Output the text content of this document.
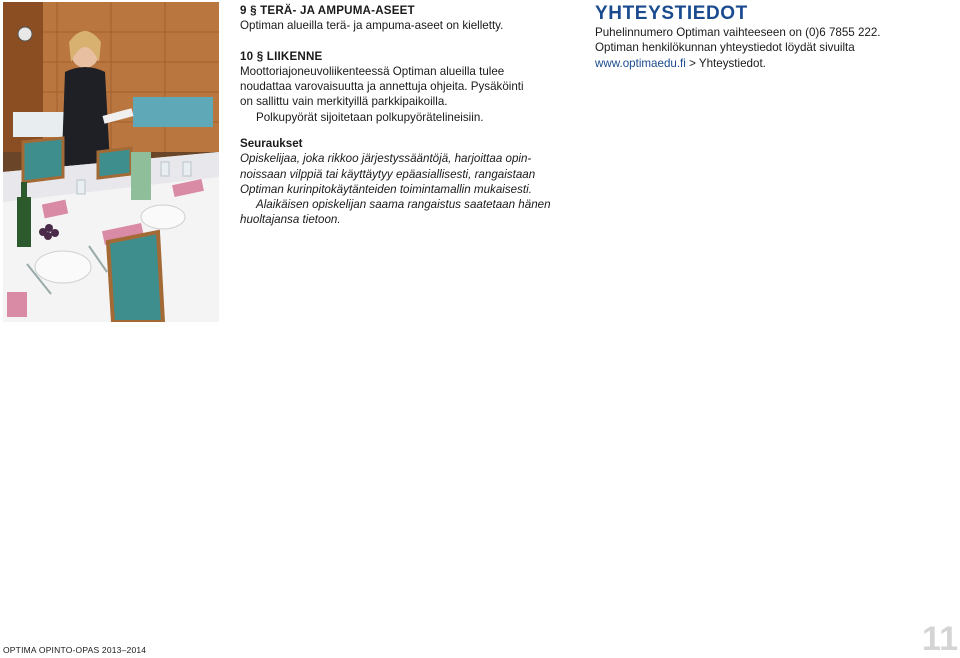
9 § TERÄ- JA AMPUMA-ASEET

Optiman alueilla terä- ja ampuma-aseet on kielletty.

10 § LIIKENNE

Moottoriajoneuvoliikenteessä Optiman alueilla tulee

noudattaa varovaisuutta ja annettuja ohjeita. Pysäköinti

on sallittu vain merkityillä parkkipaikoilla.

Polkupyörät sijoitetaan polkupyörätelineisiin.

Seuraukset

Opiskelijaa, joka rikkoo järjestyssääntöjä, harjoittaa opin-

noissaan vilppiä tai käyttäytyy epäasiallisesti, rangaistaan

Optiman kurinpitokäytänteiden toimintamallin mukaisesti.

Alaikäisen opiskelijan saama rangaistus saatetaan hänen

huoltajansa tietoon.

YHTEYSTIEDOT

Puhelinnumero Optiman vaihteeseen on (0)6 7855 222.

Optiman henkilökunnan yhteystiedot löydät sivuilta

www.optimaedu.fi > Yhteystiedot.

OPTIMA OPINTO-OPAS 2013–2014	11
